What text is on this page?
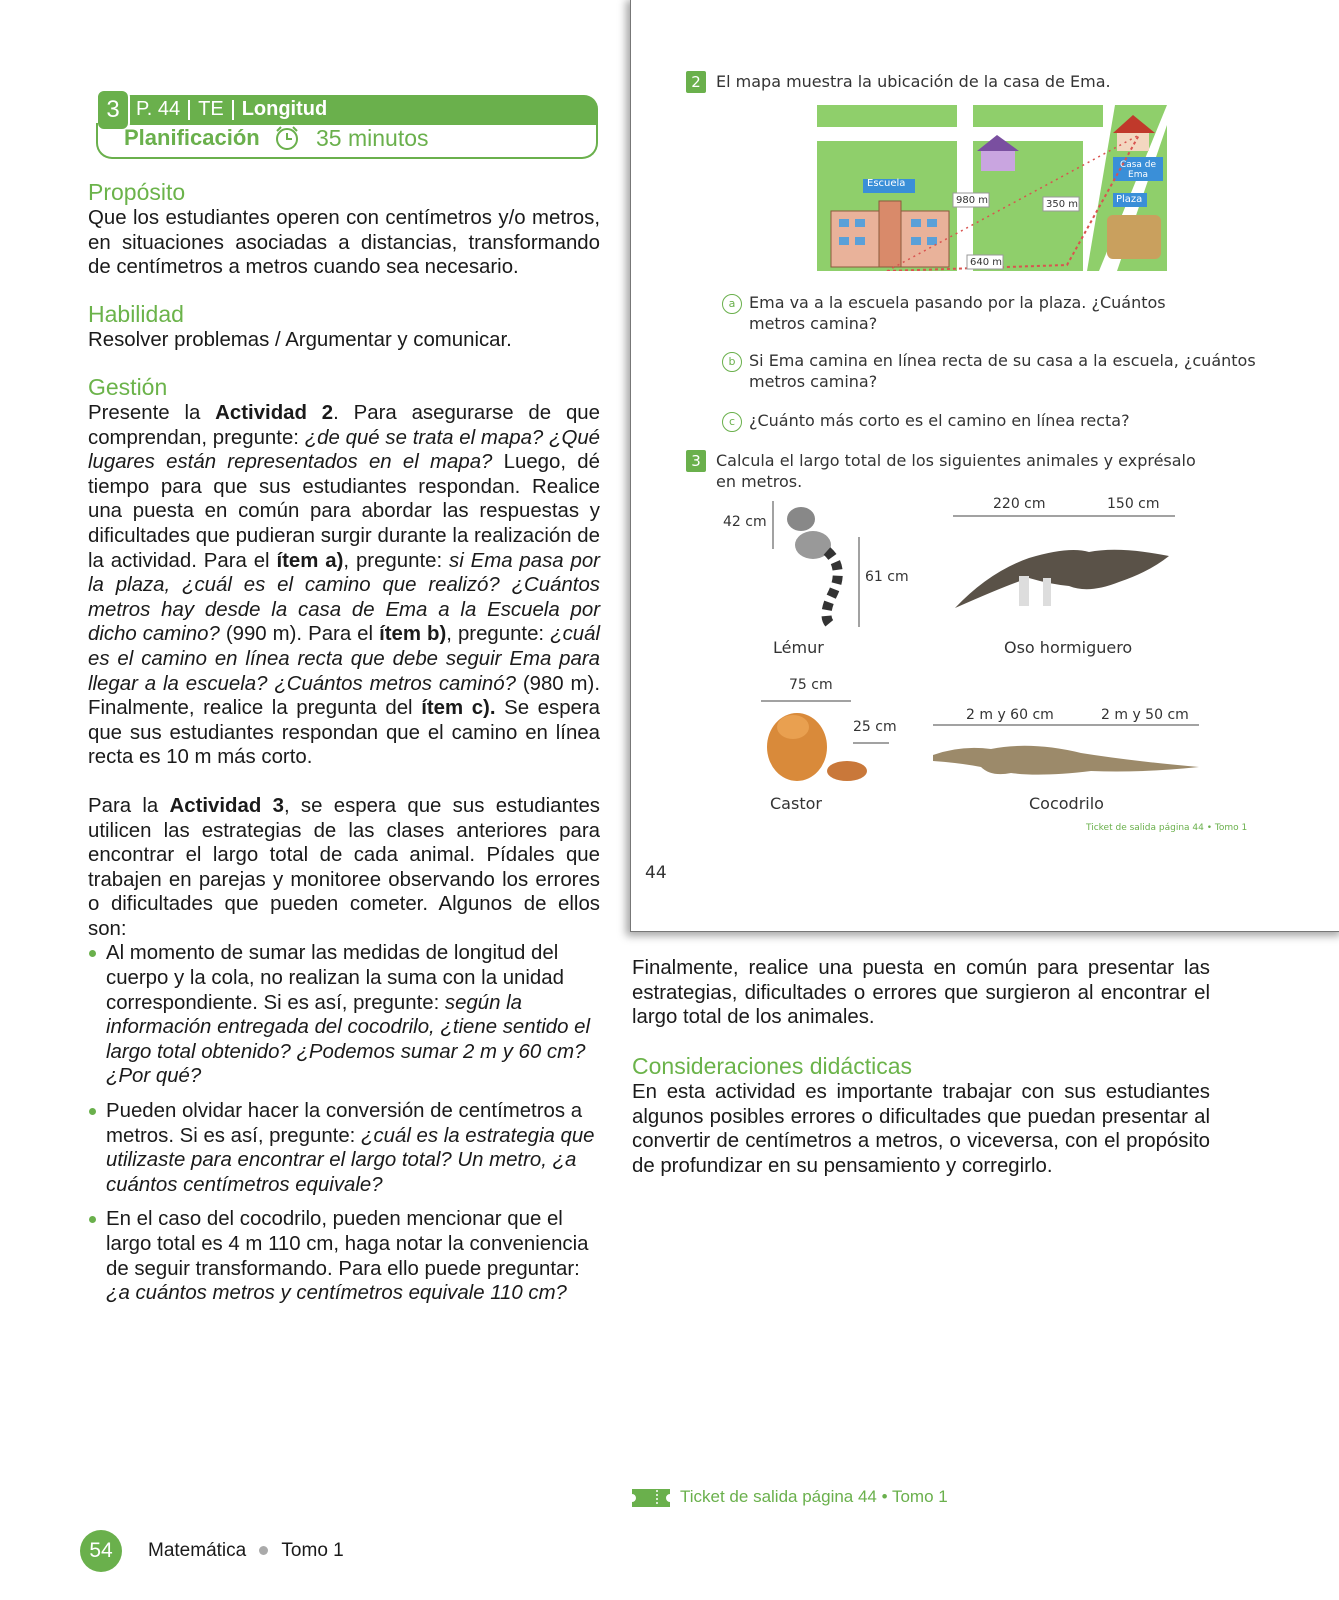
3 P. 44 TE Longitud
Planificación 35 minutos
Propósito
Que los estudiantes operen con centímetros y/o metros, en situaciones asociadas a distancias, transformando de centímetros a metros cuando sea necesario.
Habilidad
Resolver problemas / Argumentar y comunicar.
Gestión
Presente la Actividad 2. Para asegurarse de que comprendan, pregunte: ¿de qué se trata el mapa? ¿Qué lugares están representados en el mapa? Luego, dé tiempo para que sus estudiantes respondan. Realice una puesta en común para abordar las respuestas y dificultades que pudieran surgir durante la realización de la actividad. Para el ítem a), pregunte: si Ema pasa por la plaza, ¿cuál es el camino que realizó? ¿Cuántos metros hay desde la casa de Ema a la Escuela por dicho camino? (990 m). Para el ítem b), pregunte: ¿cuál es el camino en línea recta que debe seguir Ema para llegar a la escuela? ¿Cuántos metros caminó? (980 m). Finalmente, realice la pregunta del ítem c). Se espera que sus estudiantes respondan que el camino en línea recta es 10 m más corto.
Para la Actividad 3, se espera que sus estudiantes utilicen las estrategias de las clases anteriores para encontrar el largo total de cada animal. Pídales que trabajen en parejas y monitoree observando los errores o dificultades que pueden cometer. Algunos de ellos son:
Al momento de sumar las medidas de longitud del cuerpo y la cola, no realizan la suma con la unidad correspondiente. Si es así, pregunte: según la información entregada del cocodrilo, ¿tiene sentido el largo total obtenido? ¿Podemos sumar 2 m y 60 cm? ¿Por qué?
Pueden olvidar hacer la conversión de centímetros a metros. Si es así, pregunte: ¿cuál es la estrategia que utilizaste para encontrar el largo total? Un metro, ¿a cuántos centímetros equivale?
En el caso del cocodrilo, pueden mencionar que el largo total es 4 m 110 cm, haga notar la conveniencia de seguir transformando. Para ello puede preguntar: ¿a cuántos metros y centímetros equivale 110 cm?
2 El mapa muestra la ubicación de la casa de Ema.
Escuela
Casa de Ema
Plaza
980 m	350 m
640 m
a Ema va a la escuela pasando por la plaza. ¿Cuántos metros camina?
b Si Ema camina en línea recta de su casa a la escuela, ¿cuántos metros camina?
c ¿Cuánto más corto es el camino en línea recta?
3 Calcula el largo total de los siguientes animales y exprésalo en metros.
42 cm
61 cm
Lémur
220 cm	150 cm
Oso hormiguero
75 cm
25 cm
Castor
2 m y 60 cm	2 m y 50 cm
Cocodrilo
Ticket de salida página 44 • Tomo 1
44
Finalmente, realice una puesta en común para presentar las estrategias, dificultades o errores que surgieron al encontrar el largo total de los animales.
Consideraciones didácticas
En esta actividad es importante trabajar con sus estudiantes algunos posibles errores o dificultades que puedan presentar al convertir de centímetros a metros, o viceversa, con el propósito de profundizar en su pensamiento y corregirlo.
Ticket de salida página 44 • Tomo 1
54	Matemática Tomo 1
